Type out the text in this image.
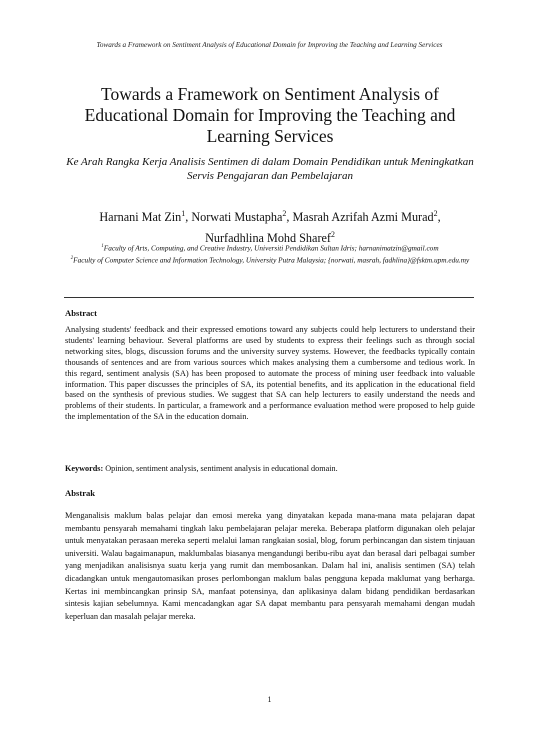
Towards a Framework on Sentiment Analysis of Educational Domain for Improving the Teaching and Learning Services
Towards a Framework on Sentiment Analysis of Educational Domain for Improving the Teaching and Learning Services
Ke Arah Rangka Kerja Analisis Sentimen di dalam Domain Pendidikan untuk Meningkatkan Servis Pengajaran dan Pembelajaran
Harnani Mat Zin$^1$, Norwati Mustapha$^2$, Masrah Azrifah Azmi Murad$^2$,
Nurfadhlina Mohd Sharef$^2$
$^1$Faculty of Arts, Computing, and Creative Industry, Universiti Pendidikan Sultan Idris; harnanimatzin@gmail.com
$^2$Faculty of Computer Science and Information Technology, University Putra Malaysia; {norwati, masrah, fadhlina}@fsktm.upm.edu.my
Abstract
Analysing students' feedback and their expressed emotions toward any subjects could help lecturers to understand their students' learning behaviour. Several platforms are used by students to express their feelings such as through social networking sites, blogs, discussion forums and the university survey systems. However, the feedbacks typically contain thousands of sentences and are from various sources which makes analysing them a cumbersome and tedious work. In this regard, sentiment analysis (SA) has been proposed to automate the process of mining user feedback into valuable information. This paper discusses the principles of SA, its potential benefits, and its application in the educational field based on the synthesis of previous studies. We suggest that SA can help lecturers to easily understand the needs and problems of their students. In particular, a framework and a performance evaluation method were proposed to help guide the implementation of the SA in the education domain.
Keywords: Opinion, sentiment analysis, sentiment analysis in educational domain.
Abstrak
Menganalisis maklum balas pelajar dan emosi mereka yang dinyatakan kepada mana-mana mata pelajaran dapat membantu pensyarah memahami tingkah laku pembelajaran pelajar mereka. Beberapa platform digunakan oleh pelajar untuk menyatakan perasaan mereka seperti melalui laman rangkaian sosial, blog, forum perbincangan dan sistem tinjauan universiti. Walau bagaimanapun, maklumbalas biasanya mengandungi beribu-ribu ayat dan berasal dari pelbagai sumber yang menjadikan analisisnya suatu kerja yang rumit dan membosankan. Dalam hal ini, analisis sentimen (SA) telah dicadangkan untuk mengautomasikan proses perlombongan maklum balas pengguna kepada maklumat yang berharga. Kertas ini membincangkan prinsip SA, manfaat potensinya, dan aplikasinya dalam bidang pendidikan berdasarkan sintesis kajian sebelumnya. Kami mencadangkan agar SA dapat membantu para pensyarah memahami dengan mudah keperluan dan masalah pelajar mereka.
1
